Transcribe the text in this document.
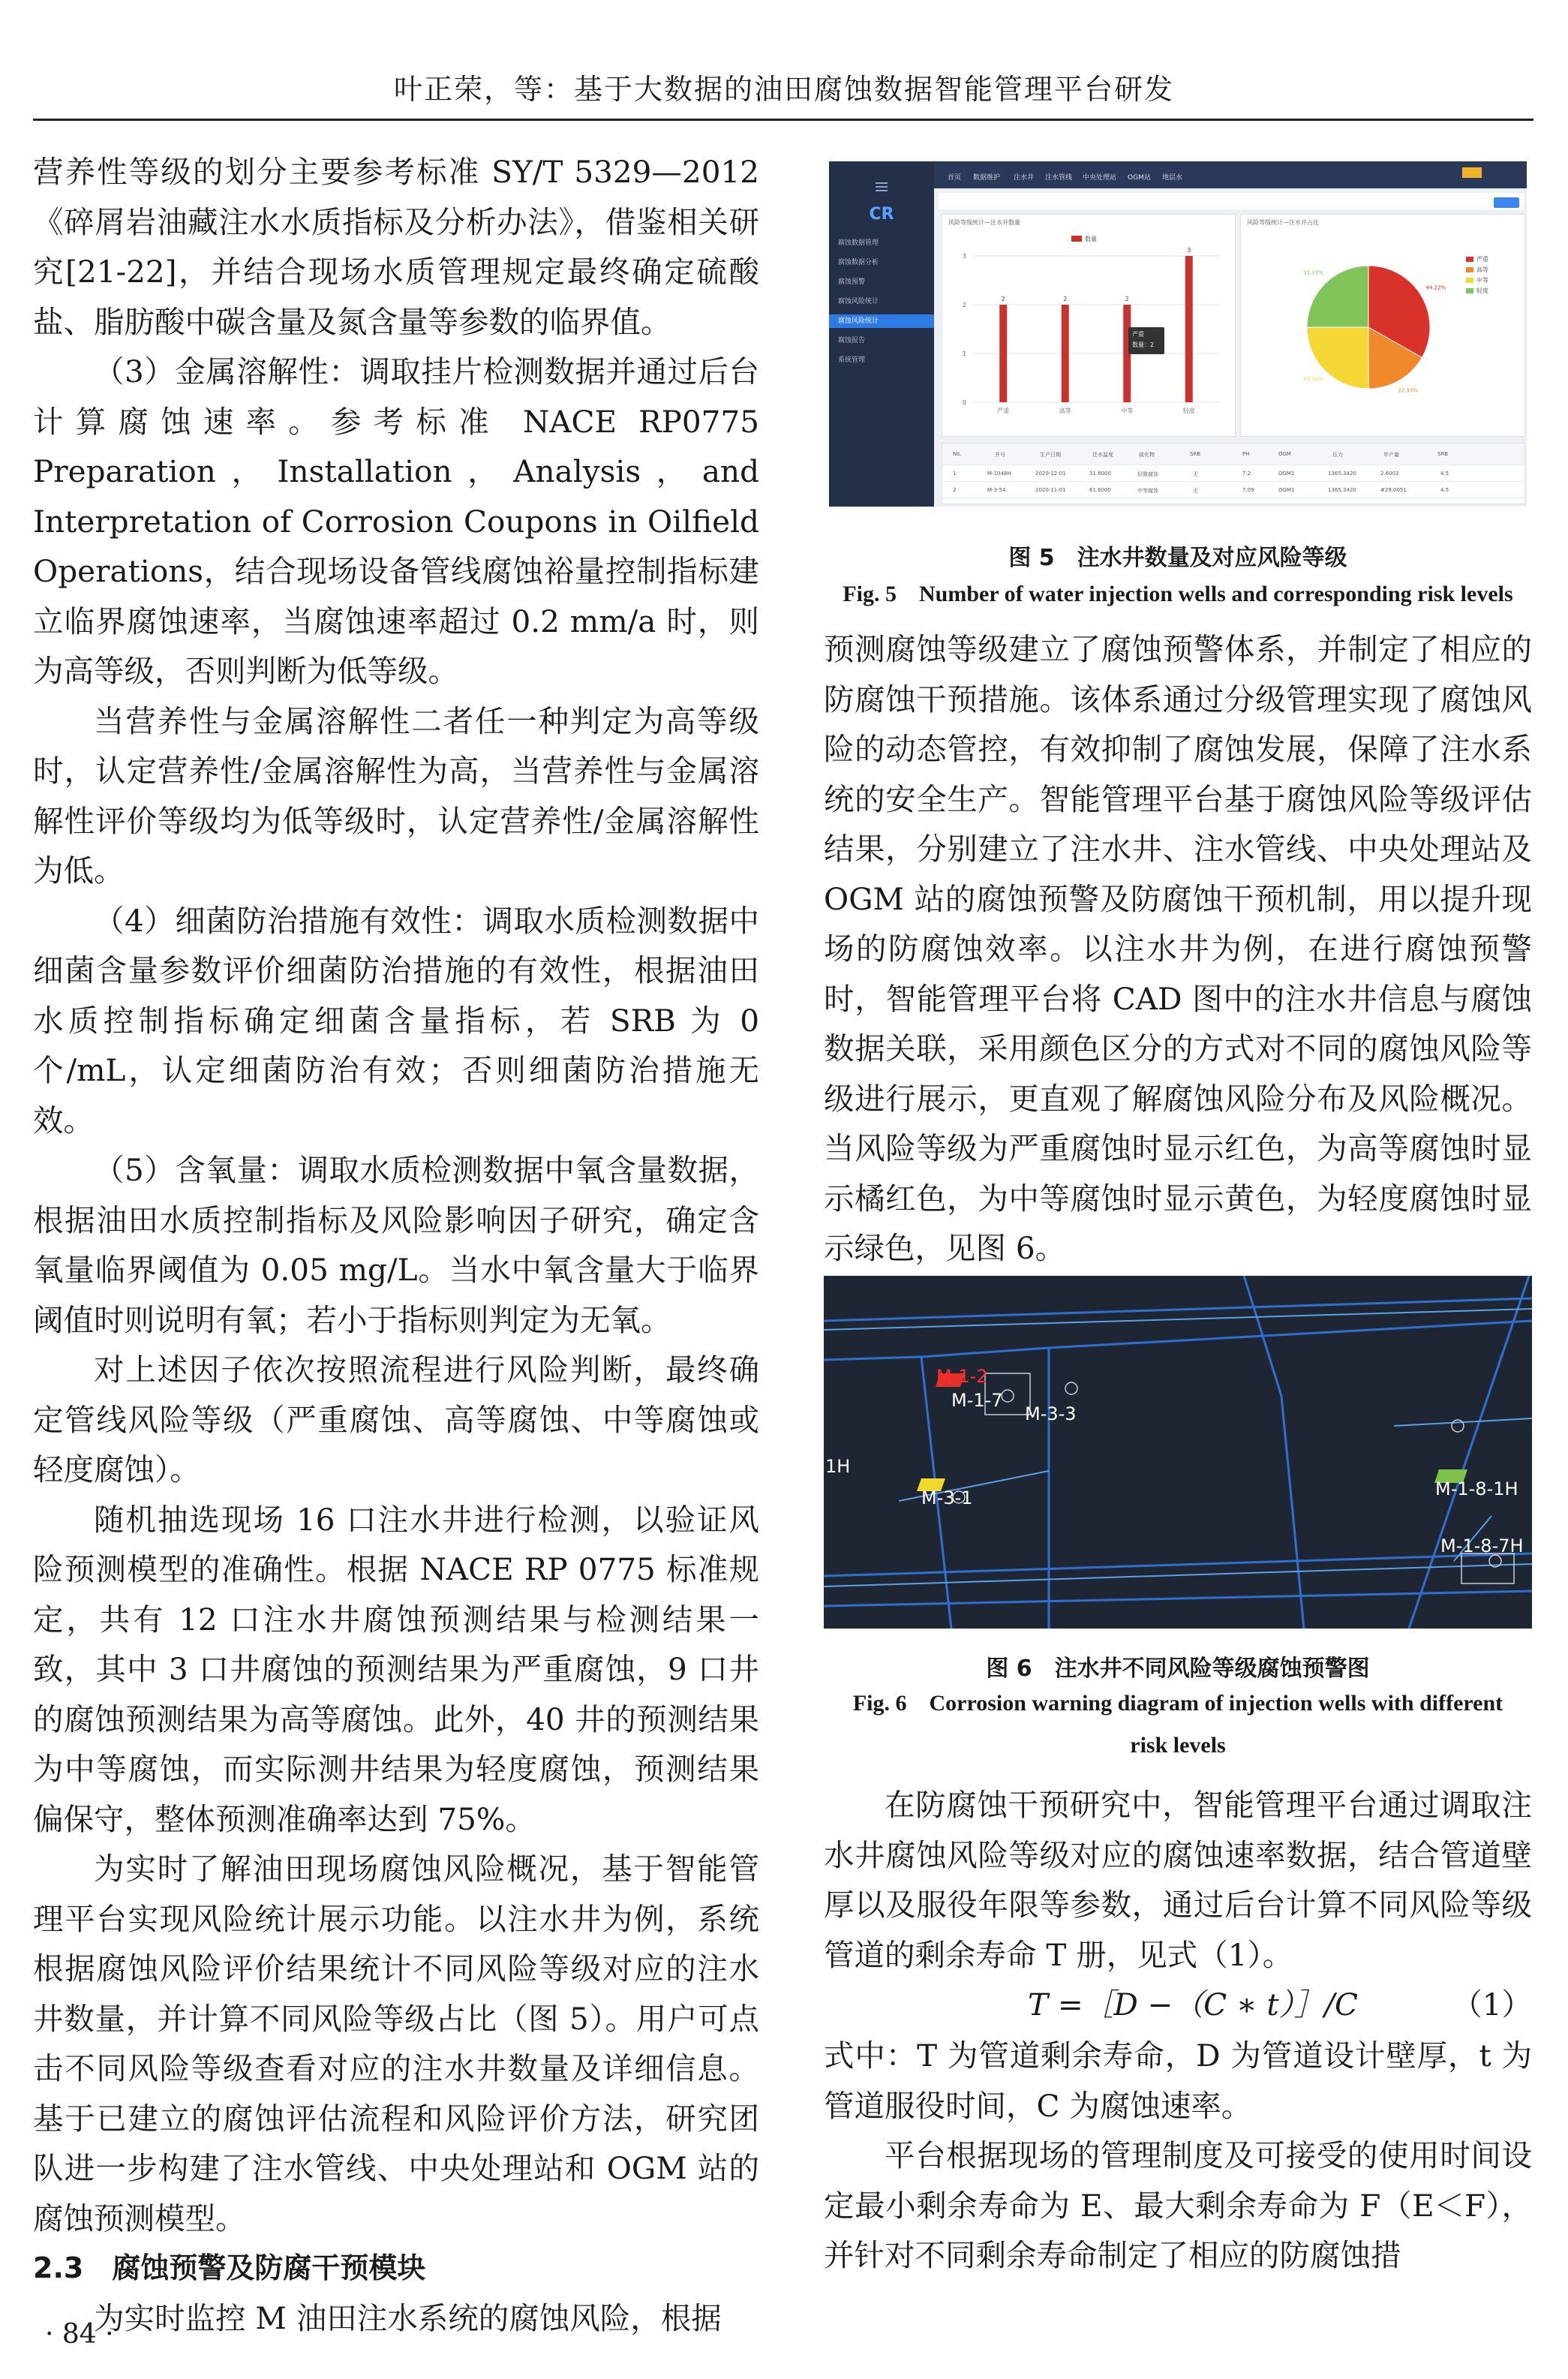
叶正荣，等：基于大数据的油田腐蚀数据智能管理平台研发

营养性等级的划分主要参考标准 SY/T 5329—2012《碎屑岩油藏注水水质指标及分析办法》，借鉴相关研究[21-22]，并结合现场水质管理规定最终确定硫酸盐、脂肪酸中碳含量及氮含量等参数的临界值。

（3）金属溶解性：调取挂片检测数据并通过后台计算腐蚀速率。参考标准 NACE RP0775 Preparation，Installation，Analysis，and Interpretation of Corrosion Coupons in Oilfield Operations，结合现场设备管线腐蚀裕量控制指标建立临界腐蚀速率，当腐蚀速率超过 0.2 mm/a 时，则为高等级，否则判断为低等级。

当营养性与金属溶解性二者任一种判定为高等级时，认定营养性/金属溶解性为高，当营养性与金属溶解性评价等级均为低等级时，认定营养性/金属溶解性为低。

（4）细菌防治措施有效性：调取水质检测数据中细菌含量参数评价细菌防治措施的有效性，根据油田水质控制指标确定细菌含量指标，若 SRB 为 0 个/mL，认定细菌防治有效；否则细菌防治措施无效。

（5）含氧量：调取水质检测数据中氧含量数据，根据油田水质控制指标及风险影响因子研究，确定含氧量临界阈值为 0.05 mg/L。当水中氧含量大于临界阈值时则说明有氧；若小于指标则判定为无氧。

对上述因子依次按照流程进行风险判断，最终确定管线风险等级（严重腐蚀、高等腐蚀、中等腐蚀或轻度腐蚀）。

随机抽选现场 16 口注水井进行检测，以验证风险预测模型的准确性。根据 NACE RP 0775 标准规定，共有 12 口注水井腐蚀预测结果与检测结果一致，其中 3 口井腐蚀的预测结果为严重腐蚀，9 口井的腐蚀预测结果为高等腐蚀。此外，40 井的预测结果为中等腐蚀，而实际测井结果为轻度腐蚀，预测结果偏保守，整体预测准确率达到 75%。

为实时了解油田现场腐蚀风险概况，基于智能管理平台实现风险统计展示功能。以注水井为例，系统根据腐蚀风险评价结果统计不同风险等级对应的注水井数量，并计算不同风险等级占比（图 5）。用户可点击不同风险等级查看对应的注水井数量及详细信息。基于已建立的腐蚀评估流程和风险评价方法，研究团队进一步构建了注水管线、中央处理站和 OGM 站的腐蚀预测模型。

2.3　腐蚀预警及防腐干预模块

为实时监控 M 油田注水系统的腐蚀风险，根据

CR
腐蚀数据管理
腐蚀数据分析
腐蚀预警
腐蚀风险统计
腐蚀风险统计
腐蚀报告
系统管理
首页 数据维护 注水井 注水管线 中央处理站 OGM站 地层水
风险等级统计—注水井数量
0
1
2
3
2
严重
2
高等
2
中等
3
轻度
数量
严重
数量：2
风险等级统计—注水井占比
44.22%
22.33%
33.33%
33.33%
严重
高等
中等
轻度
No.	井号	生产日期	注水温度	硫化物	SRB	PH	OGM	压力	年产量	SRB
1	M-1048H	2020-12-01	31.6000	轻微腐蚀	无	7.2	OGM1	1365.3420	2.6003	4.5
2	M-3-54	2020-11-01	61.6000	中等腐蚀	无	7.09	OGM1	1365.3420	#29.0051	4.5
图 5　注水井数量及对应风险等级
Fig. 5　Number of water injection wells and corresponding risk levels

预测腐蚀等级建立了腐蚀预警体系，并制定了相应的防腐蚀干预措施。该体系通过分级管理实现了腐蚀风险的动态管控，有效抑制了腐蚀发展，保障了注水系统的安全生产。智能管理平台基于腐蚀风险等级评估结果，分别建立了注水井、注水管线、中央处理站及 OGM 站的腐蚀预警及防腐蚀干预机制，用以提升现场的防腐蚀效率。以注水井为例，在进行腐蚀预警时，智能管理平台将 CAD 图中的注水井信息与腐蚀数据关联，采用颜色区分的方式对不同的腐蚀风险等级进行展示，更直观了解腐蚀风险分布及风险概况。当风险等级为严重腐蚀时显示红色，为高等腐蚀时显示橘红色，为中等腐蚀时显示黄色，为轻度腐蚀时显示绿色，见图 6。

M-1-2
M-1-7
M-3-3
M-3-1	M-1-8-1H
M-1-8-7H
1H
图 6　注水井不同风险等级腐蚀预警图
Fig. 6　Corrosion warning diagram of injection wells with different
risk levels

在防腐蚀干预研究中，智能管理平台通过调取注水井腐蚀风险等级对应的腐蚀速率数据，结合管道壁厚以及服役年限等参数，通过后台计算不同风险等级管道的剩余寿命 T 册，见式（1）。

T =［D −（C ∗ t）］/C	（1）

式中：T 为管道剩余寿命，D 为管道设计壁厚，t 为管道服役时间，C 为腐蚀速率。

平台根据现场的管理制度及可接受的使用时间设定最小剩余寿命为 E、最大剩余寿命为 F（E＜F），并针对不同剩余寿命制定了相应的防腐蚀措

· 84 ·
